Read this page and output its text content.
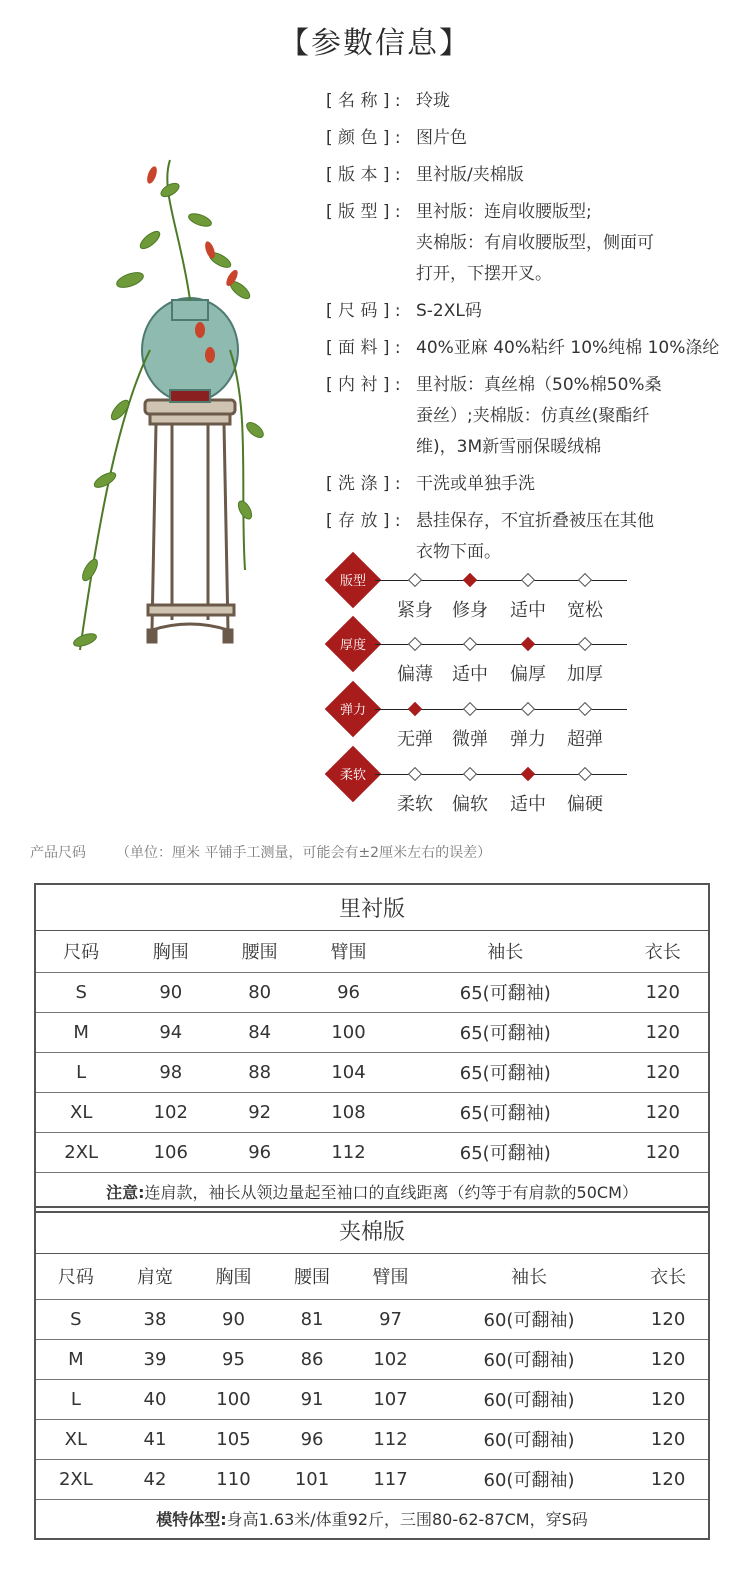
【参數信息】
[ 名 称 ] : 玲珑
[ 颜 色 ] : 图片色
[ 版 本 ] : 里衬版/夹棉版
[ 版 型 ] : 里衬版：连肩收腰版型;
夹棉版：有肩收腰版型，侧面可
打开，下摆开叉。
[ 尺 码 ] : S-2XL码
[ 面 料 ] : 40%亚麻 40%粘纤 10%纯棉 10%涤纶
[ 内 衬 ] : 里衬版：真丝棉（50%棉50%桑
蚕丝）;夹棉版：仿真丝(聚酯纤
维)，3M新雪丽保暖绒棉
[ 洗 涤 ] : 干洗或单独手洗
[ 存 放 ] : 悬挂保存，不宜折叠被压在其他
衣物下面。
版型
紧身	修身	适中	宽松
厚度
偏薄	适中	偏厚	加厚
弹力
无弹	微弹	弹力	超弹
柔软
柔软	偏软	适中	偏硬
产品尺码 （单位：厘米 平铺手工测量，可能会有±2厘米左右的误差）
里衬版					
尺码	胸围	腰围	臂围	袖长	衣长
S	90	80	96	65(可翻袖)	120
M	94	84	100	65(可翻袖)	120
L	98	88	104	65(可翻袖)	120
XL	102	92	108	65(可翻袖)	120
2XL	106	96	112	65(可翻袖)	120
注意:连肩款，袖长从领边量起至袖口的直线距离（约等于有肩款的50CM）					
夹棉版						
尺码	肩宽	胸围	腰围	臂围	袖长	衣长
S	38	90	81	97	60(可翻袖)	120
M	39	95	86	102	60(可翻袖)	120
L	40	100	91	107	60(可翻袖)	120
XL	41	105	96	112	60(可翻袖)	120
2XL	42	110	101	117	60(可翻袖)	120
模特体型:身高1.63米/体重92斤，三围80-62-87CM，穿S码						
